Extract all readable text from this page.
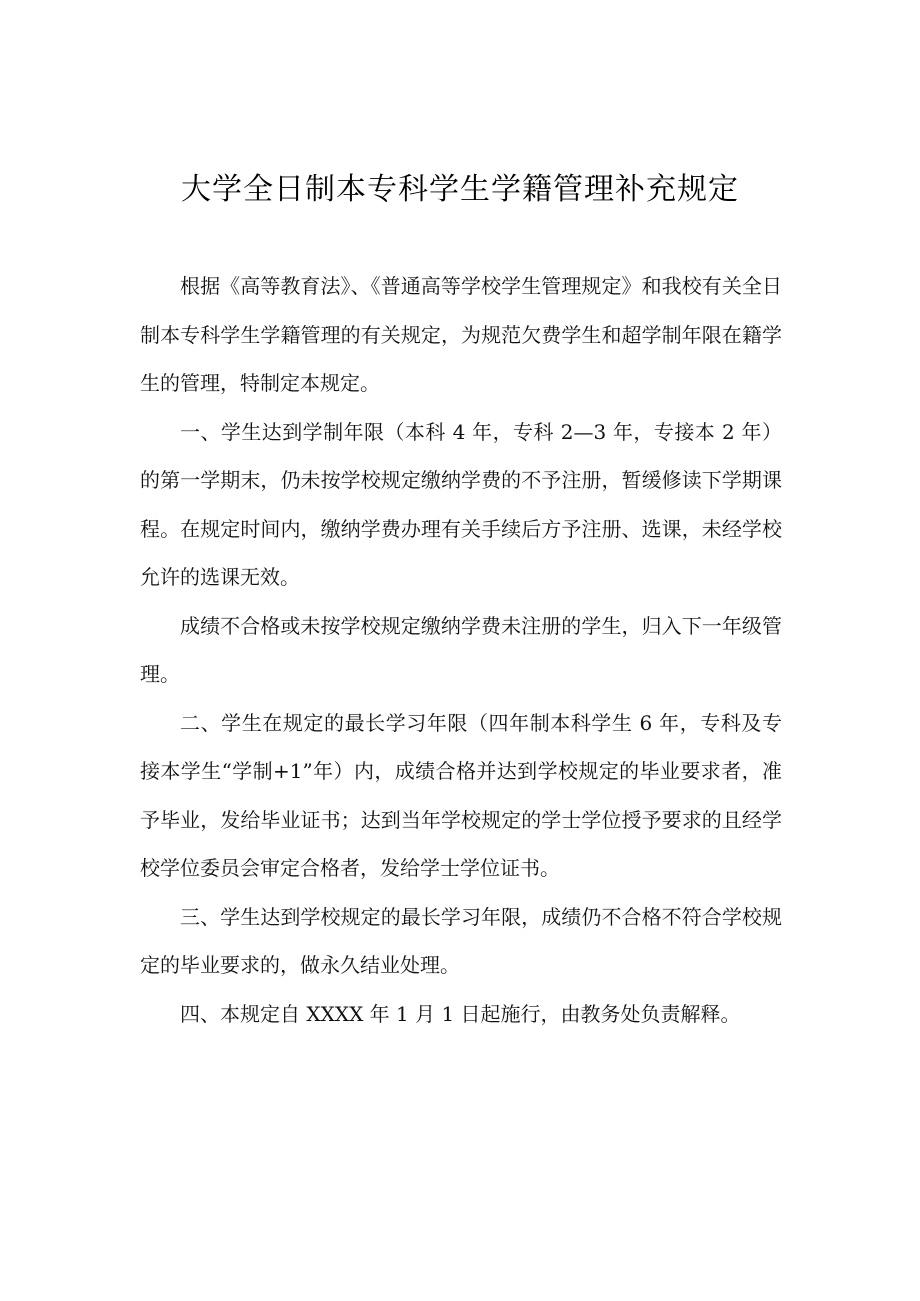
大学全日制本专科学生学籍管理补充规定

根据《高等教育法》、《普通高等学校学生管理规定》和我校有关全日制本专科学生学籍管理的有关规定，为规范欠费学生和超学制年限在籍学生的管理，特制定本规定。

一、学生达到学制年限（本科 4 年，专科 2—3 年，专接本 2 年）的第一学期末，仍未按学校规定缴纳学费的不予注册，暂缓修读下学期课程。在规定时间内，缴纳学费办理有关手续后方予注册、选课，未经学校允许的选课无效。

成绩不合格或未按学校规定缴纳学费未注册的学生，归入下一年级管理。

二、学生在规定的最长学习年限（四年制本科学生 6 年，专科及专接本学生“学制+1”年）内，成绩合格并达到学校规定的毕业要求者，准予毕业，发给毕业证书；达到当年学校规定的学士学位授予要求的且经学校学位委员会审定合格者，发给学士学位证书。

三、学生达到学校规定的最长学习年限，成绩仍不合格不符合学校规定的毕业要求的，做永久结业处理。

四、本规定自 XXXX 年 1 月 1 日起施行，由教务处负责解释。
